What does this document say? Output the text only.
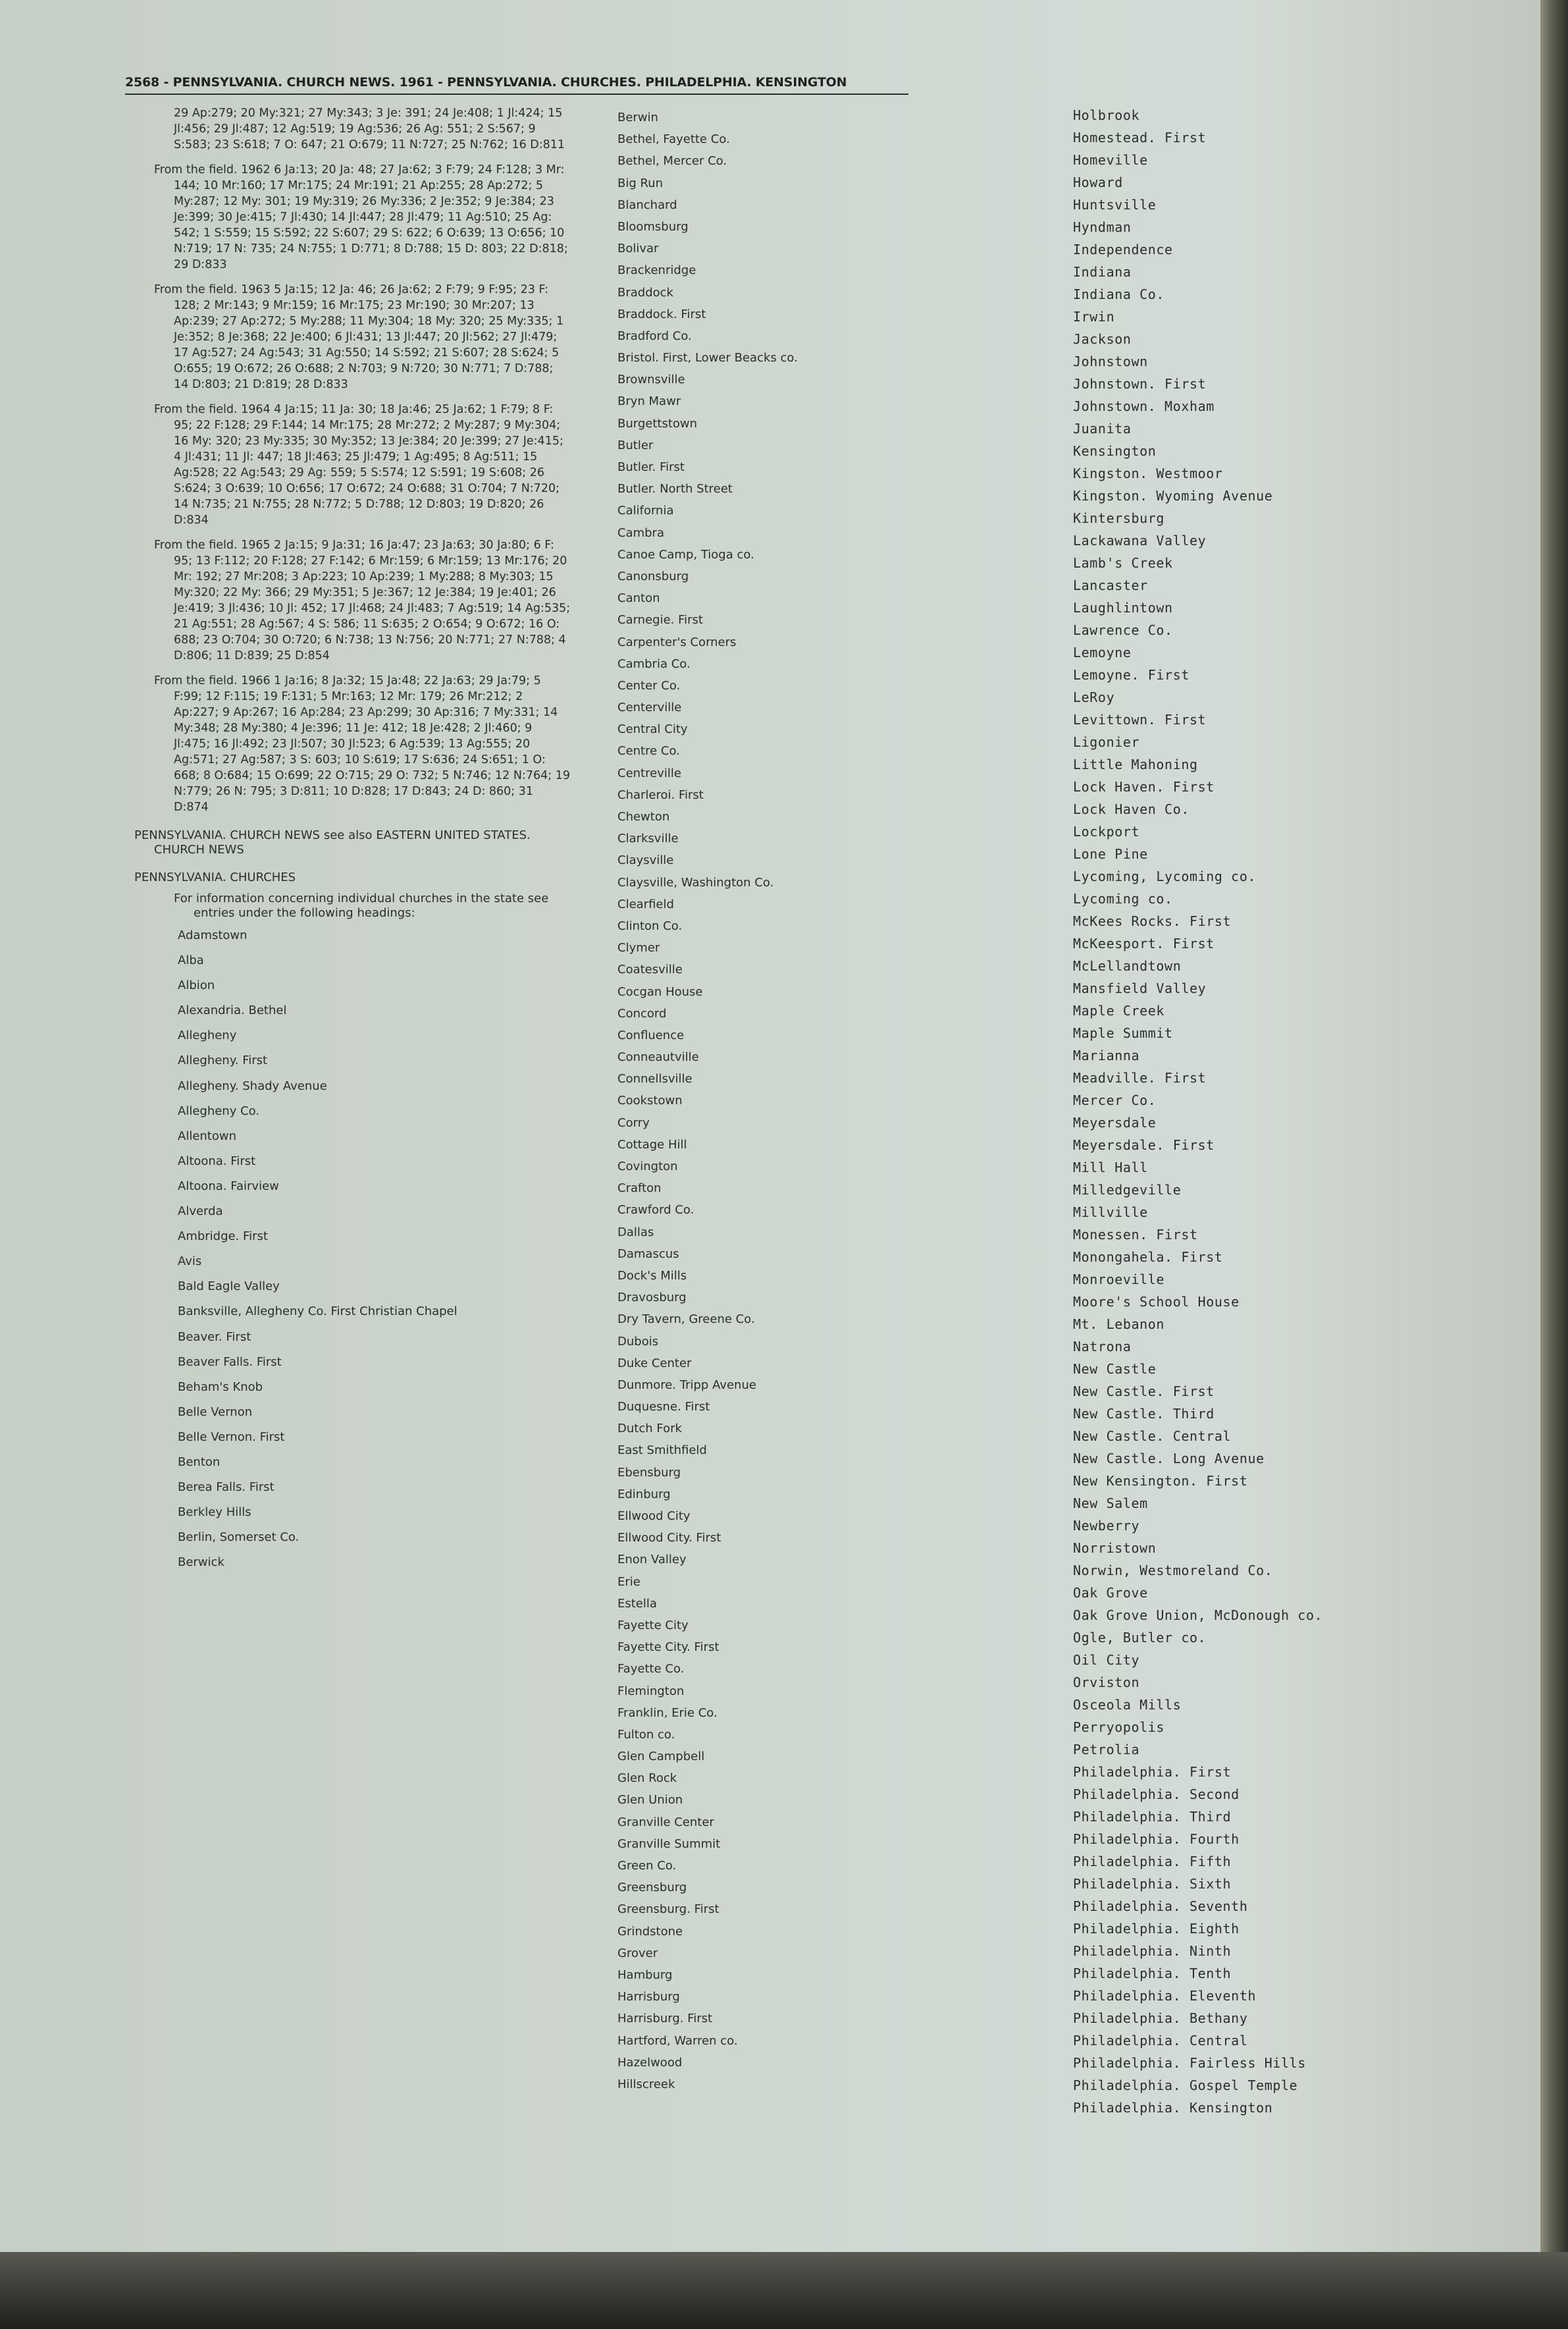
2568 - PENNSYLVANIA. CHURCH NEWS. 1961 - PENNSYLVANIA. CHURCHES. PHILADELPHIA. KENSINGTON
29 Ap:279; 20 My:321; 27 My:343; 3 Je: 391; 24 Je:408; 1 Jl:424; 15 Jl:456; 29 Jl:487; 12 Ag:519; 19 Ag:536; 26 Ag: 551; 2 S:567; 9 S:583; 23 S:618; 7 O: 647; 21 O:679; 11 N:727; 25 N:762; 16 D:811
From the field. 1962 6 Ja:13; 20 Ja: 48; 27 Ja:62; 3 F:79; 24 F:128; 3 Mr: 144; 10 Mr:160; 17 Mr:175; 24 Mr:191; 21 Ap:255; 28 Ap:272; 5 My:287; 12 My: 301; 19 My:319; 26 My:336; 2 Je:352; 9 Je:384; 23 Je:399; 30 Je:415; 7 Jl:430; 14 Jl:447; 28 Jl:479; 11 Ag:510; 25 Ag: 542; 1 S:559; 15 S:592; 22 S:607; 29 S: 622; 6 O:639; 13 O:656; 10 N:719; 17 N: 735; 24 N:755; 1 D:771; 8 D:788; 15 D: 803; 22 D:818; 29 D:833
From the field. 1963 5 Ja:15; 12 Ja: 46; 26 Ja:62; 2 F:79; 9 F:95; 23 F: 128; 2 Mr:143; 9 Mr:159; 16 Mr:175; 23 Mr:190; 30 Mr:207; 13 Ap:239; 27 Ap:272; 5 My:288; 11 My:304; 18 My: 320; 25 My:335; 1 Je:352; 8 Je:368; 22 Je:400; 6 Jl:431; 13 Jl:447; 20 Jl:562; 27 Jl:479; 17 Ag:527; 24 Ag:543; 31 Ag:550; 14 S:592; 21 S:607; 28 S:624; 5 O:655; 19 O:672; 26 O:688; 2 N:703; 9 N:720; 30 N:771; 7 D:788; 14 D:803; 21 D:819; 28 D:833
From the field. 1964 4 Ja:15; 11 Ja: 30; 18 Ja:46; 25 Ja:62; 1 F:79; 8 F: 95; 22 F:128; 29 F:144; 14 Mr:175; 28 Mr:272; 2 My:287; 9 My:304; 16 My: 320; 23 My:335; 30 My:352; 13 Je:384; 20 Je:399; 27 Je:415; 4 Jl:431; 11 Jl: 447; 18 Jl:463; 25 Jl:479; 1 Ag:495; 8 Ag:511; 15 Ag:528; 22 Ag:543; 29 Ag: 559; 5 S:574; 12 S:591; 19 S:608; 26 S:624; 3 O:639; 10 O:656; 17 O:672; 24 O:688; 31 O:704; 7 N:720; 14 N:735; 21 N:755; 28 N:772; 5 D:788; 12 D:803; 19 D:820; 26 D:834
From the field. 1965 2 Ja:15; 9 Ja:31; 16 Ja:47; 23 Ja:63; 30 Ja:80; 6 F: 95; 13 F:112; 20 F:128; 27 F:142; 6 Mr:159; 6 Mr:159; 13 Mr:176; 20 Mr: 192; 27 Mr:208; 3 Ap:223; 10 Ap:239; 1 My:288; 8 My:303; 15 My:320; 22 My: 366; 29 My:351; 5 Je:367; 12 Je:384; 19 Je:401; 26 Je:419; 3 Jl:436; 10 Jl: 452; 17 Jl:468; 24 Jl:483; 7 Ag:519; 14 Ag:535; 21 Ag:551; 28 Ag:567; 4 S: 586; 11 S:635; 2 O:654; 9 O:672; 16 O: 688; 23 O:704; 30 O:720; 6 N:738; 13 N:756; 20 N:771; 27 N:788; 4 D:806; 11 D:839; 25 D:854
From the field. 1966 1 Ja:16; 8 Ja:32; 15 Ja:48; 22 Ja:63; 29 Ja:79; 5 F:99; 12 F:115; 19 F:131; 5 Mr:163; 12 Mr: 179; 26 Mr:212; 2 Ap:227; 9 Ap:267; 16 Ap:284; 23 Ap:299; 30 Ap:316; 7 My:331; 14 My:348; 28 My:380; 4 Je:396; 11 Je: 412; 18 Je:428; 2 Jl:460; 9 Jl:475; 16 Jl:492; 23 Jl:507; 30 Jl:523; 6 Ag:539; 13 Ag:555; 20 Ag:571; 27 Ag:587; 3 S: 603; 10 S:619; 17 S:636; 24 S:651; 1 O: 668; 8 O:684; 15 O:699; 22 O:715; 29 O: 732; 5 N:746; 12 N:764; 19 N:779; 26 N: 795; 3 D:811; 10 D:828; 17 D:843; 24 D: 860; 31 D:874
PENNSYLVANIA. CHURCH NEWS see also EASTERN UNITED STATES. CHURCH NEWS
PENNSYLVANIA. CHURCHES
For information concerning individual churches in the state see entries under the following headings:
Adamstown
Alba
Albion
Alexandria. Bethel
Allegheny
Allegheny. First
Allegheny. Shady Avenue
Allegheny Co.
Allentown
Altoona. First
Altoona. Fairview
Alverda
Ambridge. First
Avis
Bald Eagle Valley
Banksville, Allegheny Co. First Christian Chapel
Beaver. First
Beaver Falls. First
Beham's Knob
Belle Vernon
Belle Vernon. First
Benton
Berea Falls. First
Berkley Hills
Berlin, Somerset Co.
Berwick
Berwin
Bethel, Fayette Co.
Bethel, Mercer Co.
Big Run
Blanchard
Bloomsburg
Bolivar
Brackenridge
Braddock
Braddock. First
Bradford Co.
Bristol. First, Lower Beacks co.
Brownsville
Bryn Mawr
Burgettstown
Butler
Butler. First
Butler. North Street
California
Cambra
Canoe Camp, Tioga co.
Canonsburg
Canton
Carnegie. First
Carpenter's Corners
Cambria Co.
Center Co.
Centerville
Central City
Centre Co.
Centreville
Charleroi. First
Chewton
Clarksville
Claysville
Claysville, Washington Co.
Clearfield
Clinton Co.
Clymer
Coatesville
Cocgan House
Concord
Confluence
Conneautville
Connellsville
Cookstown
Corry
Cottage Hill
Covington
Crafton
Crawford Co.
Dallas
Damascus
Dock's Mills
Dravosburg
Dry Tavern, Greene Co.
Dubois
Duke Center
Dunmore. Tripp Avenue
Duquesne. First
Dutch Fork
East Smithfield
Ebensburg
Edinburg
Ellwood City
Ellwood City. First
Enon Valley
Erie
Estella
Fayette City
Fayette City. First
Fayette Co.
Flemington
Franklin, Erie Co.
Fulton co.
Glen Campbell
Glen Rock
Glen Union
Granville Center
Granville Summit
Green Co.
Greensburg
Greensburg. First
Grindstone
Grover
Hamburg
Harrisburg
Harrisburg. First
Hartford, Warren co.
Hazelwood
Hillscreek
Holbrook
Homestead. First
Homeville
Howard
Huntsville
Hyndman
Independence
Indiana
Indiana Co.
Irwin
Jackson
Johnstown
Johnstown. First
Johnstown. Moxham
Juanita
Kensington
Kingston. Westmoor
Kingston. Wyoming Avenue
Kintersburg
Lackawana Valley
Lamb's Creek
Lancaster
Laughlintown
Lawrence Co.
Lemoyne
Lemoyne. First
LeRoy
Levittown. First
Ligonier
Little Mahoning
Lock Haven. First
Lock Haven Co.
Lockport
Lone Pine
Lycoming, Lycoming co.
Lycoming co.
McKees Rocks. First
McKeesport. First
McLellandtown
Mansfield Valley
Maple Creek
Maple Summit
Marianna
Meadville. First
Mercer Co.
Meyersdale
Meyersdale. First
Mill Hall
Milledgeville
Millville
Monessen. First
Monongahela. First
Monroeville
Moore's School House
Mt. Lebanon
Natrona
New Castle
New Castle. First
New Castle. Third
New Castle. Central
New Castle. Long Avenue
New Kensington. First
New Salem
Newberry
Norristown
Norwin, Westmoreland Co.
Oak Grove
Oak Grove Union, McDonough co.
Ogle, Butler co.
Oil City
Orviston
Osceola Mills
Perryopolis
Petrolia
Philadelphia. First
Philadelphia. Second
Philadelphia. Third
Philadelphia. Fourth
Philadelphia. Fifth
Philadelphia. Sixth
Philadelphia. Seventh
Philadelphia. Eighth
Philadelphia. Ninth
Philadelphia. Tenth
Philadelphia. Eleventh
Philadelphia. Bethany
Philadelphia. Central
Philadelphia. Fairless Hills
Philadelphia. Gospel Temple
Philadelphia. Kensington
